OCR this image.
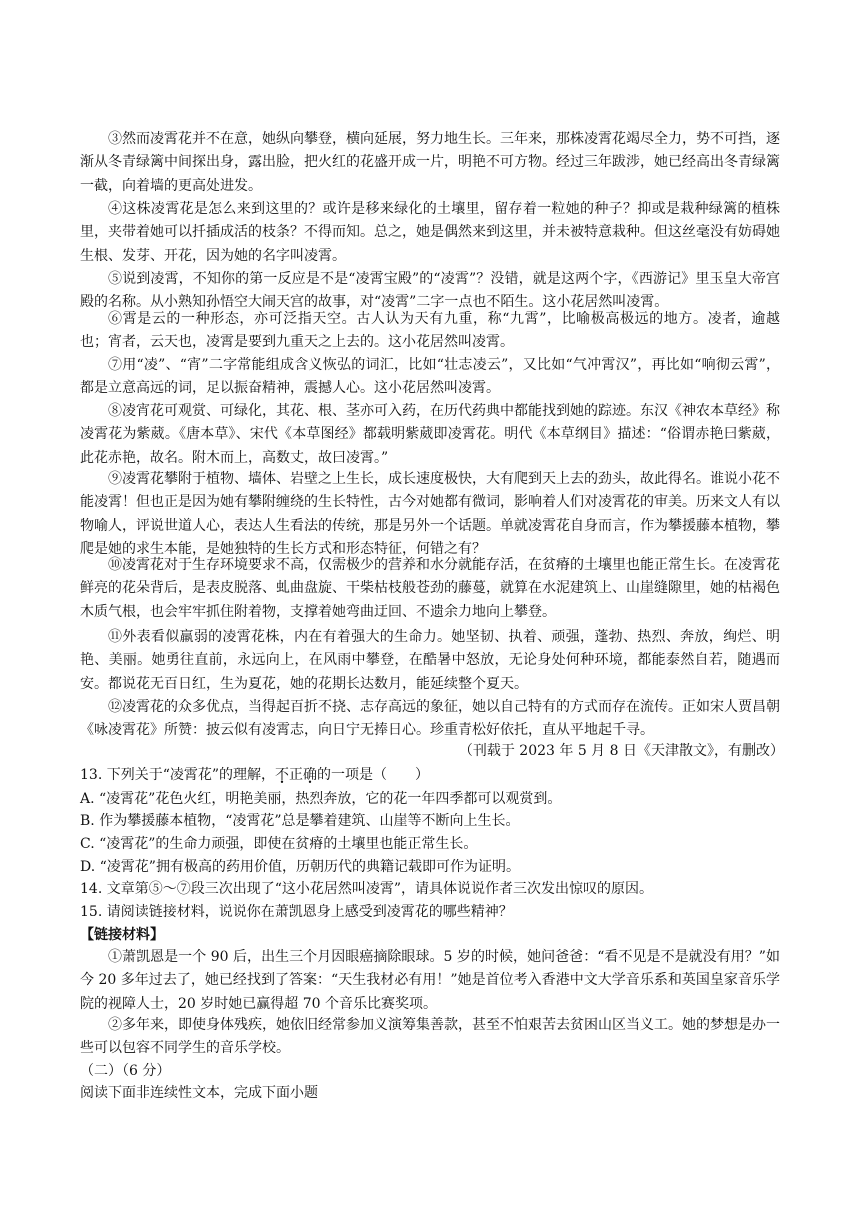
③然而凌霄花并不在意，她纵向攀登，横向延展，努力地生长。三年来，那株凌霄花竭尽全力，势不可挡，逐渐从冬青绿篱中间探出身，露出脸，把火红的花盛开成一片，明艳不可方物。经过三年跋涉，她已经高出冬青绿篱一截，向着墙的更高处进发。

④这株凌霄花是怎么来到这里的？或许是移来绿化的土壤里，留存着一粒她的种子？抑或是栽种绿篱的植株里，夹带着她可以扦插成活的枝条？不得而知。总之，她是偶然来到这里，并未被特意栽种。但这丝毫没有妨碍她生根、发芽、开花，因为她的名字叫凌霄。

⑤说到凌霄，不知你的第一反应是不是“凌霄宝殿”的“凌霄”？没错，就是这两个字，《西游记》里玉皇大帝宫殿的名称。从小熟知孙悟空大闹天宫的故事，对“凌霄”二字一点也不陌生。这小花居然叫凌霄。

⑥霄是云的一种形态，亦可泛指天空。古人认为天有九重，称“九霄”，比喻极高极远的地方。凌者，逾越也；宵者，云天也，凌霄是要到九重天之上去的。这小花居然叫凌霄。

⑦用“凌”、“宵”二字常能组成含义恢弘的词汇，比如“壮志凌云”，又比如“气冲霄汉”，再比如“响彻云霄”，都是立意高远的词，足以振奋精神，震撼人心。这小花居然叫凌霄。

⑧凌宵花可观赏、可绿化，其花、根、茎亦可入药，在历代药典中都能找到她的踪迹。东汉《神农本草经》称凌霄花为紫葳。《唐本草》、宋代《本草图经》都载明紫葳即凌霄花。明代《本草纲目》描述：“俗谓赤艳曰紫葳，此花赤艳，故名。附木而上，高数丈，故曰凌霄。”

⑨凌霄花攀附于植物、墙体、岩壁之上生长，成长速度极快，大有爬到天上去的劲头，故此得名。谁说小花不能凌霄！但也正是因为她有攀附缠绕的生长特性，古今对她都有微词，影响着人们对凌霄花的审美。历来文人有以物喻人，评说世道人心，表达人生看法的传统，那是另外一个话题。单就凌霄花自身而言，作为攀援藤本植物，攀爬是她的求生本能，是她独特的生长方式和形态特征，何错之有？

⑩凌霄花对于生存环境要求不高，仅需极少的营养和水分就能存活，在贫瘠的土壤里也能正常生长。在凌霄花鲜亮的花朵背后，是表皮脱落、虬曲盘旋、干柴枯枝般苍劲的藤蔓，就算在水泥建筑上、山崖缝隙里，她的枯褐色木质气根，也会牢牢抓住附着物，支撑着她弯曲迂回、不遗余力地向上攀登。

⑪外表看似羸弱的凌霄花株，内在有着强大的生命力。她坚韧、执着、顽强，蓬勃、热烈、奔放，绚烂、明艳、美丽。她勇往直前，永远向上，在风雨中攀登，在酷暑中怒放，无论身处何种环境，都能泰然自若，随遇而安。都说花无百日红，生为夏花，她的花期长达数月，能延续整个夏天。

⑫凌霄花的众多优点，当得起百折不挠、志存高远的象征，她以自己特有的方式而存在流传。正如宋人贾昌朝《咏凌霄花》所赞：披云似有凌霄志，向日宁无捧日心。珍重青松好依托，直从平地起千寻。

（刊载于 2023 年 5 月 8 日《天津散文》，有删改）

13. 下列关于“凌霄花”的理解，不正确的一项是（　　）

A. “凌霄花”花色火红，明艳美丽，热烈奔放，它的花一年四季都可以观赏到。

B. 作为攀援藤本植物，“凌霄花”总是攀着建筑、山崖等不断向上生长。

C. “凌霄花”的生命力顽强，即使在贫瘠的土壤里也能正常生长。

D. “凌霄花”拥有极高的药用价值，历朝历代的典籍记载即可作为证明。

14. 文章第⑤～⑦段三次出现了“这小花居然叫凌霄”，请具体说说作者三次发出惊叹的原因。

15. 请阅读链接材料，说说你在萧凯恩身上感受到凌霄花的哪些精神？

【链接材料】

①萧凯恩是一个 90 后，出生三个月因眼癌摘除眼球。5 岁的时候，她问爸爸：“看不见是不是就没有用？”如今 20 多年过去了，她已经找到了答案：“天生我材必有用！”她是首位考入香港中文大学音乐系和英国皇家音乐学院的视障人士，20 岁时她已赢得超 70 个音乐比赛奖项。

②多年来，即使身体残疾，她依旧经常参加义演筹集善款，甚至不怕艰苦去贫困山区当义工。她的梦想是办一些可以包容不同学生的音乐学校。

（二）（6 分）

阅读下面非连续性文本，完成下面小题
